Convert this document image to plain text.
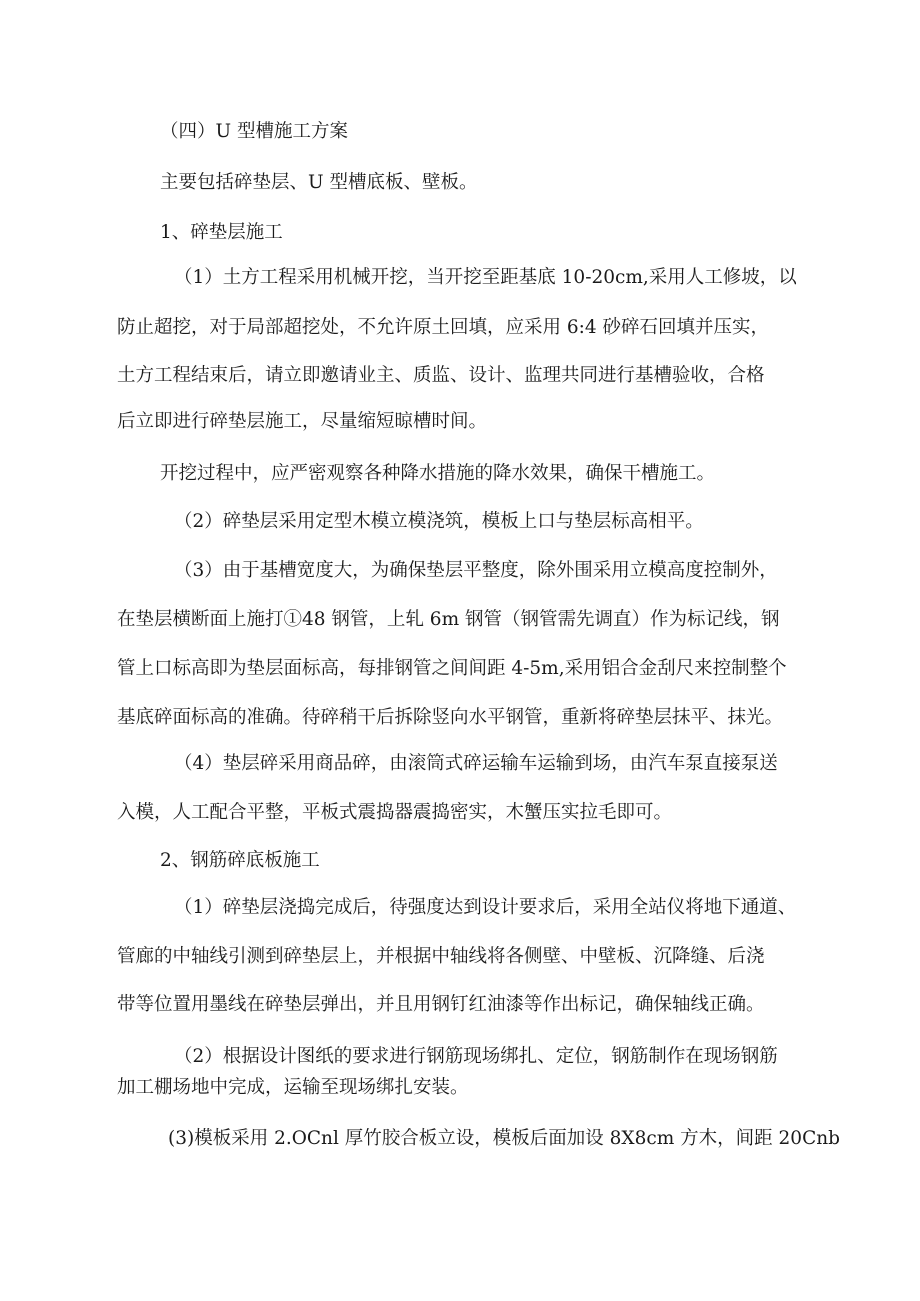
（四）U 型槽施工方案
主要包括碎垫层、U 型槽底板、壁板。
1、碎垫层施工
（1）土方工程采用机械开挖，当开挖至距基底 10-20cm,采用人工修坡，以
防止超挖，对于局部超挖处，不允许原土回填，应采用 6:4 砂碎石回填并压实，
土方工程结束后，请立即邀请业主、质监、设计、监理共同进行基槽验收，合格
后立即进行碎垫层施工，尽量缩短晾槽时间。
开挖过程中，应严密观察各种降水措施的降水效果，确保干槽施工。
（2）碎垫层采用定型木模立模浇筑，模板上口与垫层标高相平。
（3）由于基槽宽度大，为确保垫层平整度，除外围采用立模高度控制外，
在垫层横断面上施打①48 钢管，上轧 6m 钢管（钢管需先调直）作为标记线，钢
管上口标高即为垫层面标高，每排钢管之间间距 4-5m,采用铝合金刮尺来控制整个
基底碎面标高的准确。待碎稍干后拆除竖向水平钢管，重新将碎垫层抹平、抹光。
（4）垫层碎采用商品碎，由滚筒式碎运输车运输到场，由汽车泵直接泵送
入模，人工配合平整，平板式震捣器震捣密实，木蟹压实拉毛即可。
2、钢筋碎底板施工
（1）碎垫层浇捣完成后，待强度达到设计要求后，采用全站仪将地下通道、
管廊的中轴线引测到碎垫层上，并根据中轴线将各侧壁、中壁板、沉降缝、后浇
带等位置用墨线在碎垫层弹出，并且用钢钉红油漆等作出标记，确保轴线正确。
（2）根据设计图纸的要求进行钢筋现场绑扎、定位，钢筋制作在现场钢筋
加工棚场地中完成，运输至现场绑扎安装。
(3)模板采用 2.OCnl 厚竹胶合板立设，模板后面加设 8X8cm 方木，间距 20Cnb
